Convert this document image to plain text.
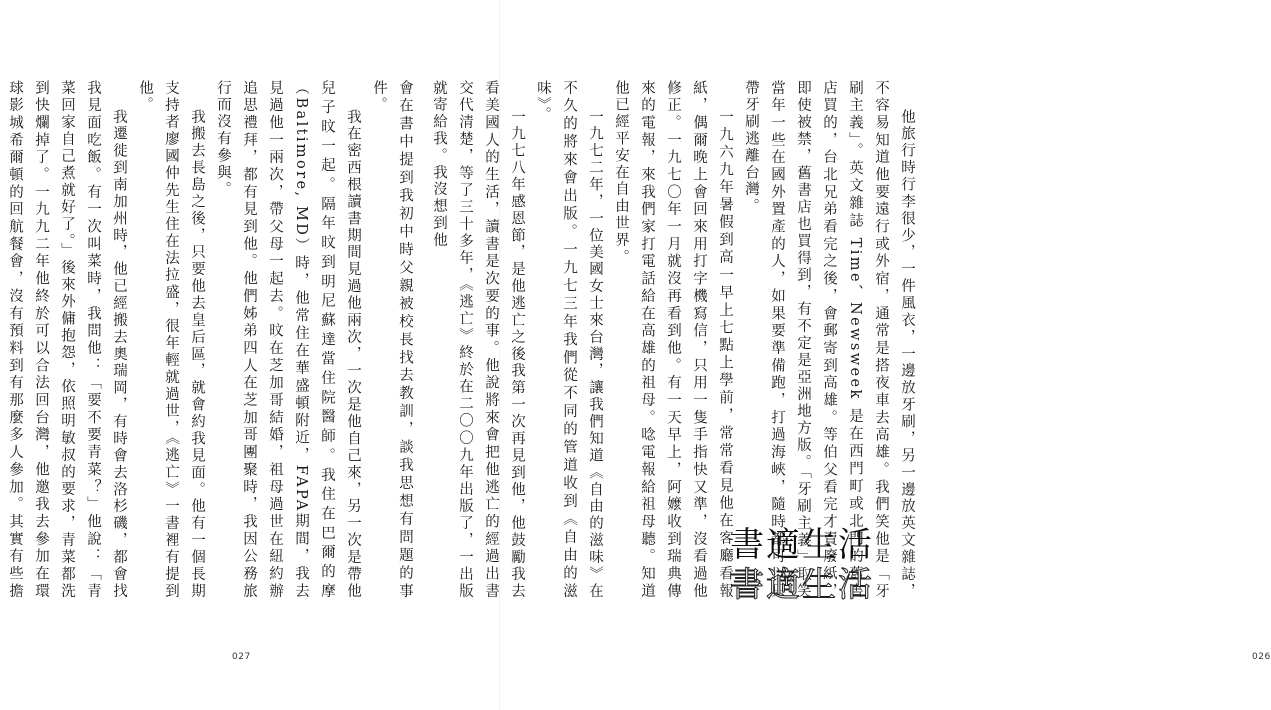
會在書中提到我初中時父親被校長找去教訓，談我思想有問題的事件。

我在密西根讀書期間見過他兩次，一次是他自己來，另一次是帶他兒子旼一起。隔年旼到明尼蘇達當住院醫師。我住在巴爾的摩（Baltimore, MD）時，他常住在華盛頓附近，FAPA期間，我去見過他一兩次，帶父母一起去。旼在芝加哥結婚，祖母過世在紐約辦追思禮拜，都有見到他。他們姊弟四人在芝加哥團聚時，我因公務旅行而沒有參與。

我搬去長島之後，只要他去皇后區，就會約我見面。他有一個長期支持者廖國仲先生住在法拉盛，很年輕就過世，《逃亡》一書裡有提到他。

我遷徙到南加州時，他已經搬去奧瑞岡，有時會去洛杉磯，都會找我見面吃飯。有一次叫菜時，我問他：「要不要青菜？」他說：「青菜回家自己煮就好了。」後來外傭抱怨，依照明敏叔的要求，青菜都洗到快爛掉了。一九九二年他終於可以合法回台灣，他邀我去參加在環球影城希爾頓的回航餐會，沒有預料到有那麼多人參加。其實有些擔

027	026

他旅行時行李很少，一件風衣，一邊放牙刷，另一邊放英文雜誌，不容易知道他要遠行或外宿，通常是搭夜車去高雄。我們笑他是「牙刷主義」。英文雜誌 Time、Newsweek 是在西門町或北門的舊書店買的，台北兄弟看完之後，會郵寄到高雄。等伯父看完才賣廢紙，即使被禁，舊書店也買得到，有不定是亞洲地方版。「牙刷主義」取笑當年一些在國外置產的人，如果要準備跑，打過海峽，隨時都可以只帶牙刷逃離台灣。

一九六九年暑假到高一早上七點上學前，常常看見他在客廳看報紙，偶爾晚上會回來用打字機寫信，只用一隻手指快又準，沒看過他修正。一九七〇年一月就沒再看到他。有一天早上，阿嬤收到瑞典傳來的電報，來我們家打電話給在高雄的祖母。唸電報給祖母聽。知道他已經平安在自由世界。

一九七二年，一位美國女士來台灣，讓我們知道《自由的滋味》在不久的將來會出版。一九七三年我們從不同的管道收到《自由的滋味》。

一九七八年感恩節，是他逃亡之後我第一次再見到他，他鼓勵我去看美國人的生活，讀書是次要的事。他說將來會把他逃亡的經過出書交代清楚，等了三十多年，《逃亡》終於在二〇〇九年出版了，一出版就寄給我。我沒想到他

書適生活
書適生活
